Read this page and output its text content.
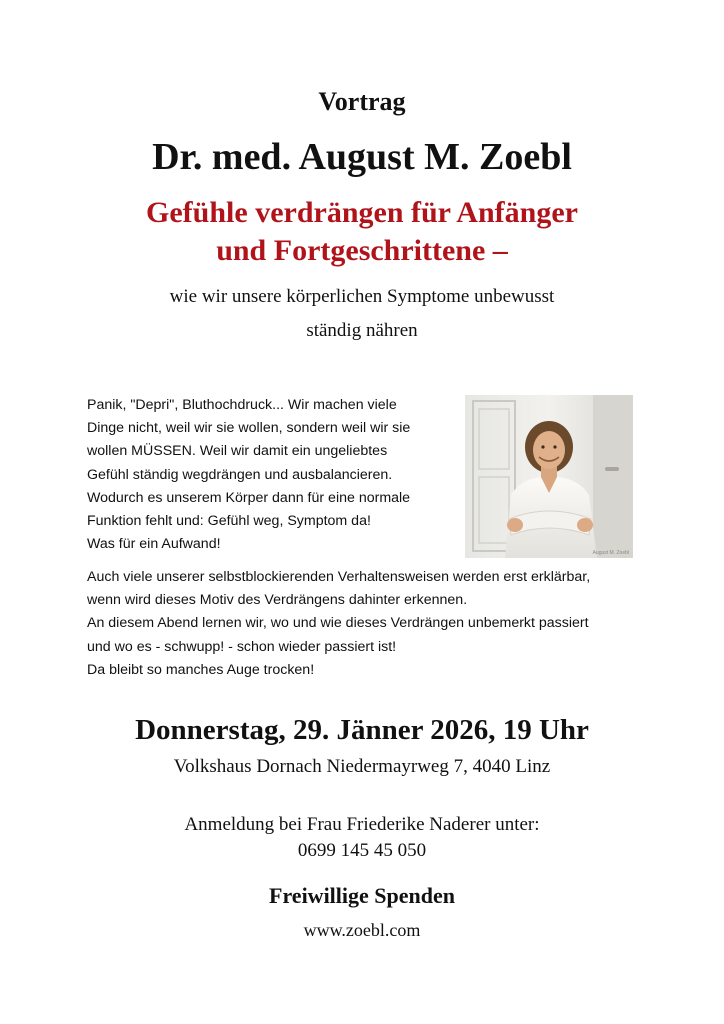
Vortrag
Dr. med. August M. Zoebl
Gefühle verdrängen für Anfänger
und Fortgeschrittene –
wie wir unsere körperlichen Symptome unbewusst
ständig nähren
Panik, "Depri", Bluthochdruck... Wir machen viele
Dinge nicht, weil wir sie wollen, sondern weil wir sie
wollen MÜSSEN. Weil wir damit ein ungeliebtes
Gefühl ständig wegdrängen und ausbalancieren.
Wodurch es unserem Körper dann für eine normale
Funktion fehlt und: Gefühl weg, Symptom da!
Was für ein Aufwand!
August M. Zoebl
Auch viele unserer selbstblockierenden Verhaltensweisen werden erst erklärbar,
wenn wird dieses Motiv des Verdrängens dahinter erkennen.
An diesem Abend lernen wir, wo und wie dieses Verdrängen unbemerkt passiert
und wo es - schwupp! - schon wieder passiert ist!
Da bleibt so manches Auge trocken!
Donnerstag, 29. Jänner 2026, 19 Uhr
Volkshaus Dornach Niedermayrweg 7, 4040 Linz
Anmeldung bei Frau Friederike Naderer unter:
0699 145 45 050
Freiwillige Spenden
www.zoebl.com
